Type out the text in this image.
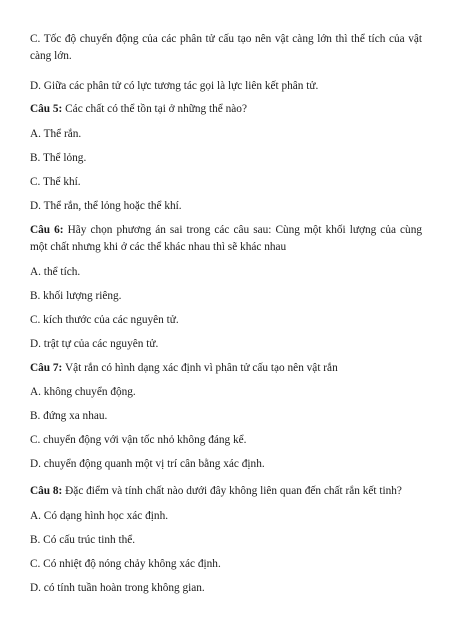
C. Tốc độ chuyển động của các phân tử cấu tạo nên vật càng lớn thì thể tích của vật càng lớn.
D. Giữa các phân tử có lực tương tác gọi là lực liên kết phân tử.
Câu 5: Các chất có thể tồn tại ở những thể nào?
A. Thể rắn.
B. Thể lỏng.
C. Thể khí.
D. Thể rắn, thể lỏng hoặc thể khí.
Câu 6: Hãy chọn phương án sai trong các câu sau: Cùng một khối lượng của cùng một chất nhưng khi ở các thể khác nhau thì sẽ khác nhau
A. thể tích.
B. khối lượng riêng.
C. kích thước của các nguyên tử.
D. trật tự của các nguyên tử.
Câu 7: Vật rắn có hình dạng xác định vì phân tử cấu tạo nên vật rắn
A. không chuyển động.
B. đứng xa nhau.
C. chuyển động với vận tốc nhỏ không đáng kể.
D. chuyển động quanh một vị trí cân bằng xác định.
Câu 8: Đặc điểm và tính chất nào dưới đây không liên quan đến chất rắn kết tinh?
A. Có dạng hình học xác định.
B. Có cấu trúc tinh thể.
C. Có nhiệt độ nóng chảy không xác định.
D. có tính tuần hoàn trong không gian.
